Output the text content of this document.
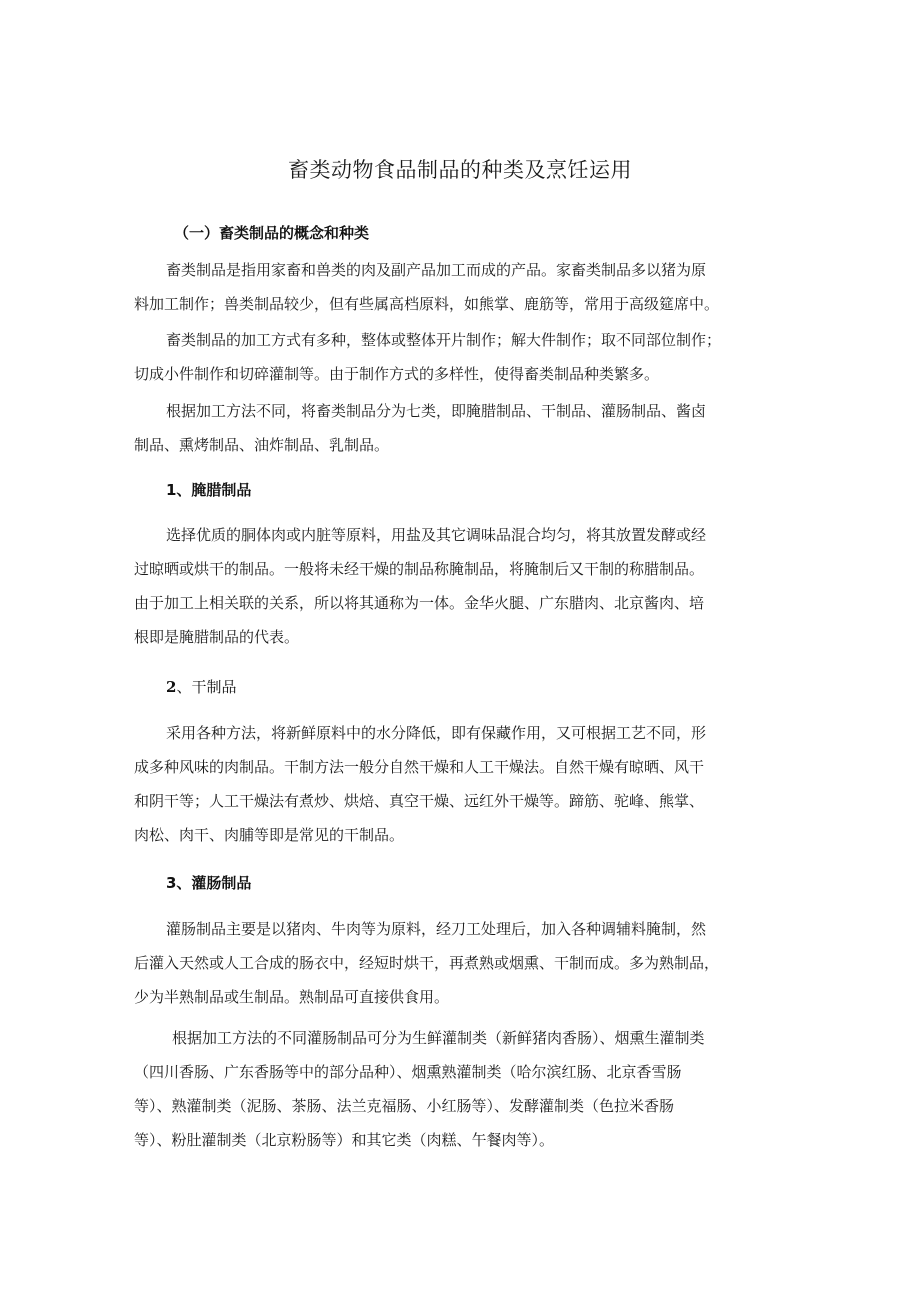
畜类动物食品制品的种类及烹饪运用
（一）畜类制品的概念和种类
畜类制品是指用家畜和兽类的肉及副产品加工而成的产品。家畜类制品多以猪为原
料加工制作；兽类制品较少，但有些属高档原料，如熊掌、鹿筋等，常用于高级筵席中。
畜类制品的加工方式有多种，整体或整体开片制作；解大件制作；取不同部位制作；
切成小件制作和切碎灌制等。由于制作方式的多样性，使得畜类制品种类繁多。
根据加工方法不同，将畜类制品分为七类，即腌腊制品、干制品、灌肠制品、酱卤
制品、熏烤制品、油炸制品、乳制品。
1、腌腊制品
选择优质的胴体肉或内脏等原料，用盐及其它调味品混合均匀，将其放置发酵或经
过晾晒或烘干的制品。一般将未经干燥的制品称腌制品，将腌制后又干制的称腊制品。
由于加工上相关联的关系，所以将其通称为一体。金华火腿、广东腊肉、北京酱肉、培
根即是腌腊制品的代表。
2、干制品
采用各种方法，将新鲜原料中的水分降低，即有保藏作用，又可根据工艺不同，形
成多种风味的肉制品。干制方法一般分自然干燥和人工干燥法。自然干燥有晾晒、风干
和阴干等；人工干燥法有煮炒、烘焙、真空干燥、远红外干燥等。蹄筋、驼峰、熊掌、
肉松、肉干、肉脯等即是常见的干制品。
3、灌肠制品
灌肠制品主要是以猪肉、牛肉等为原料，经刀工处理后，加入各种调辅料腌制，然
后灌入天然或人工合成的肠衣中，经短时烘干，再煮熟或烟熏、干制而成。多为熟制品，
少为半熟制品或生制品。熟制品可直接供食用。
根据加工方法的不同灌肠制品可分为生鲜灌制类（新鲜猪肉香肠）、烟熏生灌制类
（四川香肠、广东香肠等中的部分品种）、烟熏熟灌制类（哈尔滨红肠、北京香雪肠
等）、熟灌制类（泥肠、茶肠、法兰克福肠、小红肠等）、发酵灌制类（色拉米香肠
等）、粉肚灌制类（北京粉肠等）和其它类（肉糕、午餐肉等）。
